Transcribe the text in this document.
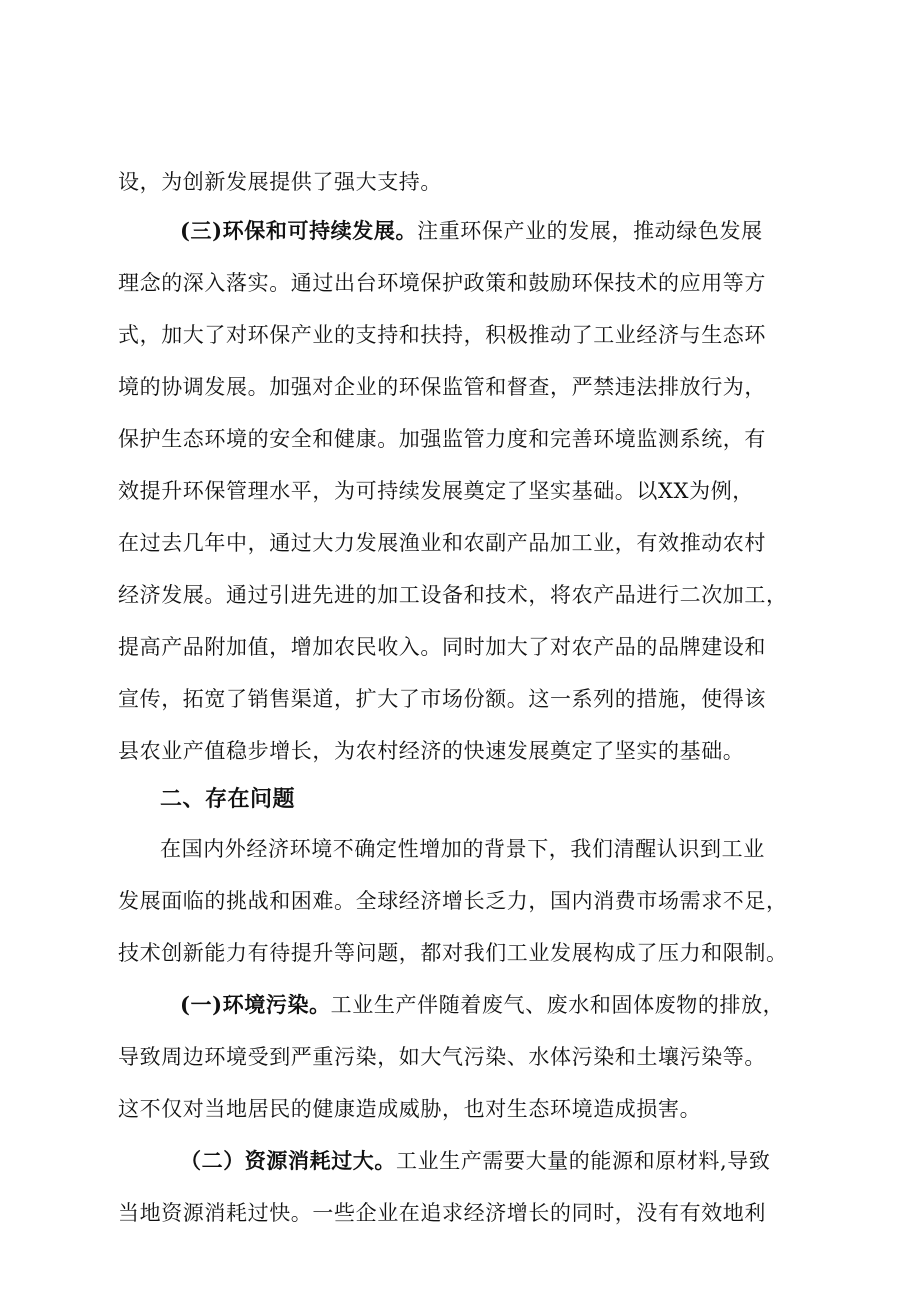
设，为创新发展提供了强大支持。
(三)环保和可持续发展。注重环保产业的发展，推动绿色发展
理念的深入落实。通过出台环境保护政策和鼓励环保技术的应用等方
式，加大了对环保产业的支持和扶持，积极推动了工业经济与生态环
境的协调发展。加强对企业的环保监管和督查，严禁违法排放行为，
保护生态环境的安全和健康。加强监管力度和完善环境监测系统，有
效提升环保管理水平，为可持续发展奠定了坚实基础。以XX为例，
在过去几年中，通过大力发展渔业和农副产品加工业，有效推动农村
经济发展。通过引进先进的加工设备和技术，将农产品进行二次加工，
提高产品附加值，增加农民收入。同时加大了对农产品的品牌建设和
宣传，拓宽了销售渠道，扩大了市场份额。这一系列的措施，使得该
县农业产值稳步增长，为农村经济的快速发展奠定了坚实的基础。
二、存在问题
在国内外经济环境不确定性增加的背景下，我们清醒认识到工业
发展面临的挑战和困难。全球经济增长乏力，国内消费市场需求不足，
技术创新能力有待提升等问题，都对我们工业发展构成了压力和限制。
(一)环境污染。工业生产伴随着废气、废水和固体废物的排放，
导致周边环境受到严重污染，如大气污染、水体污染和土壤污染等。
这不仅对当地居民的健康造成威胁，也对生态环境造成损害。
（二）资源消耗过大。工业生产需要大量的能源和原材料,导致
当地资源消耗过快。一些企业在追求经济增长的同时，没有有效地利
